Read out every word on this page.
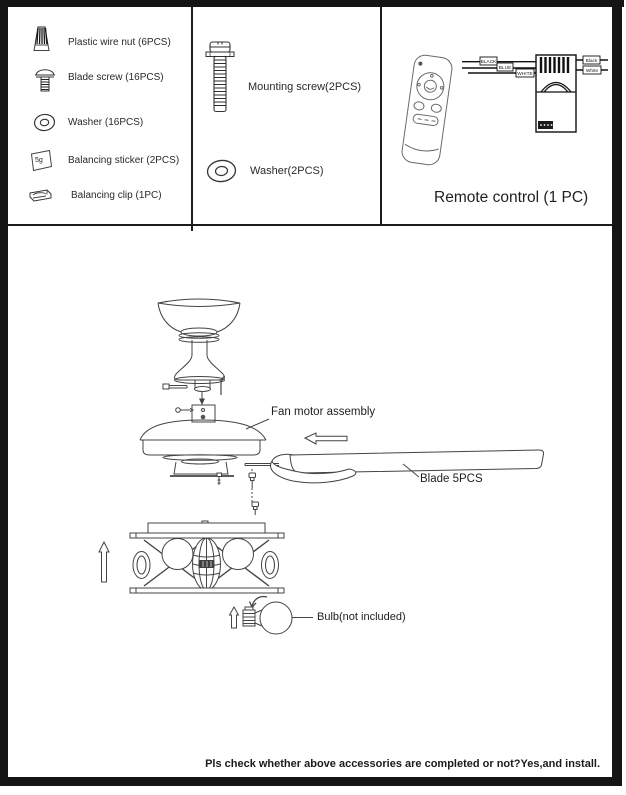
Plastic wire nut (6PCS)
Blade screw (16PCS)
Washer (16PCS)
5g	Balancing sticker (2PCS)
Balancing clip (1PC)
Mounting screw(2PCS)
Washer(2PCS)
BLACK
BLUE
WHITE
Black
White
Remote control (1 PC)
Fan motor assembly
Blade 5PCS
Bulb(not included)
Pls check whether above accessories are completed or not?Yes,and install.
